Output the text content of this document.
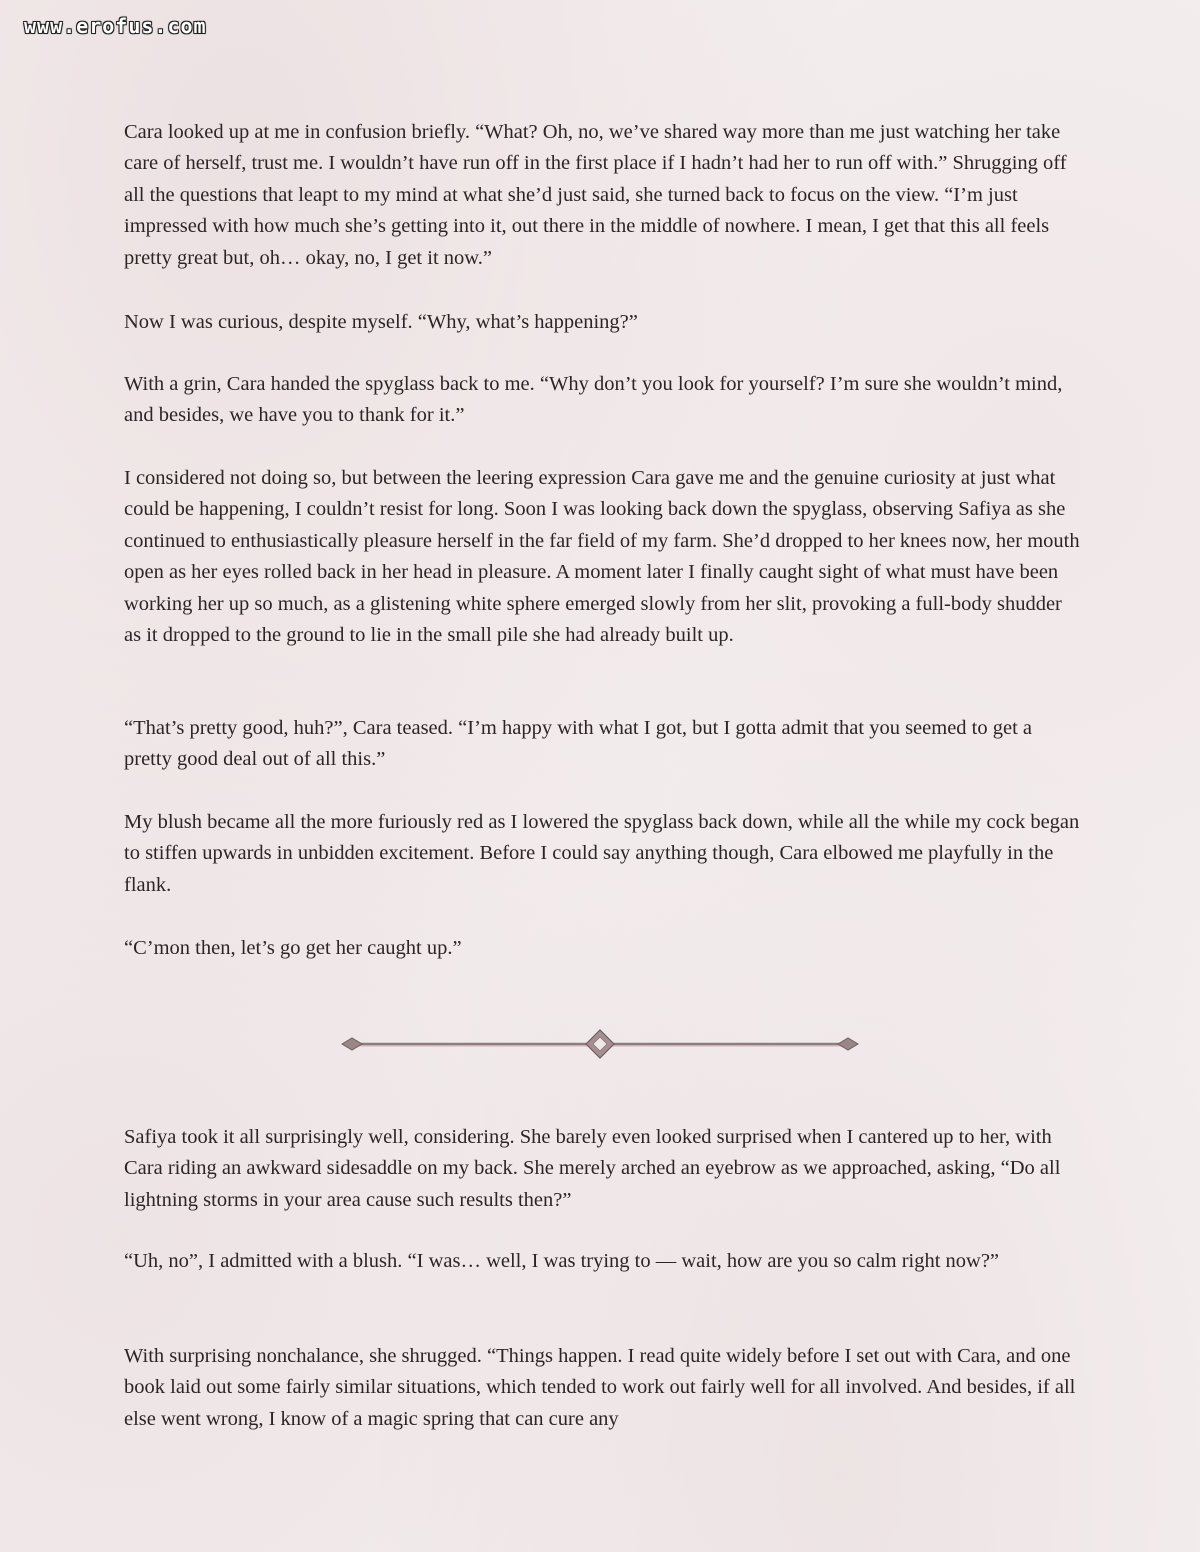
www.erofus.com

Cara looked up at me in confusion briefly. “What? Oh, no, we’ve shared way more than me just watching her take care of herself, trust me. I wouldn’t have run off in the first place if I hadn’t had her to run off with.” Shrugging off all the questions that leapt to my mind at what she’d just said, she turned back to focus on the view. “I’m just impressed with how much she’s getting into it, out there in the middle of nowhere. I mean, I get that this all feels pretty great but, oh… okay, no, I get it now.”

Now I was curious, despite myself. “Why, what’s happening?”

With a grin, Cara handed the spyglass back to me. “Why don’t you look for yourself? I’m sure she wouldn’t mind, and besides, we have you to thank for it.”

I considered not doing so, but between the leering expression Cara gave me and the genuine curiosity at just what could be happening, I couldn’t resist for long. Soon I was looking back down the spyglass, observing Safiya as she continued to enthusiastically pleasure herself in the far field of my farm. She’d dropped to her knees now, her mouth open as her eyes rolled back in her head in pleasure. A moment later I finally caught sight of what must have been working her up so much, as a glistening white sphere emerged slowly from her slit, provoking a full-body shudder as it dropped to the ground to lie in the small pile she had already built up.

“That’s pretty good, huh?”, Cara teased. “I’m happy with what I got, but I gotta admit that you seemed to get a pretty good deal out of all this.”

My blush became all the more furiously red as I lowered the spyglass back down, while all the while my cock began to stiffen upwards in unbidden excitement. Before I could say anything though, Cara elbowed me playfully in the flank.

“C’mon then, let’s go get her caught up.”

Safiya took it all surprisingly well, considering. She barely even looked surprised when I cantered up to her, with Cara riding an awkward sidesaddle on my back. She merely arched an eyebrow as we approached, asking, “Do all lightning storms in your area cause such results then?”

“Uh, no”, I admitted with a blush. “I was… well, I was trying to — wait, how are you so calm right now?”

With surprising nonchalance, she shrugged. “Things happen. I read quite widely before I set out with Cara, and one book laid out some fairly similar situations, which tended to work out fairly well for all involved. And besides, if all else went wrong, I know of a magic spring that can cure any
